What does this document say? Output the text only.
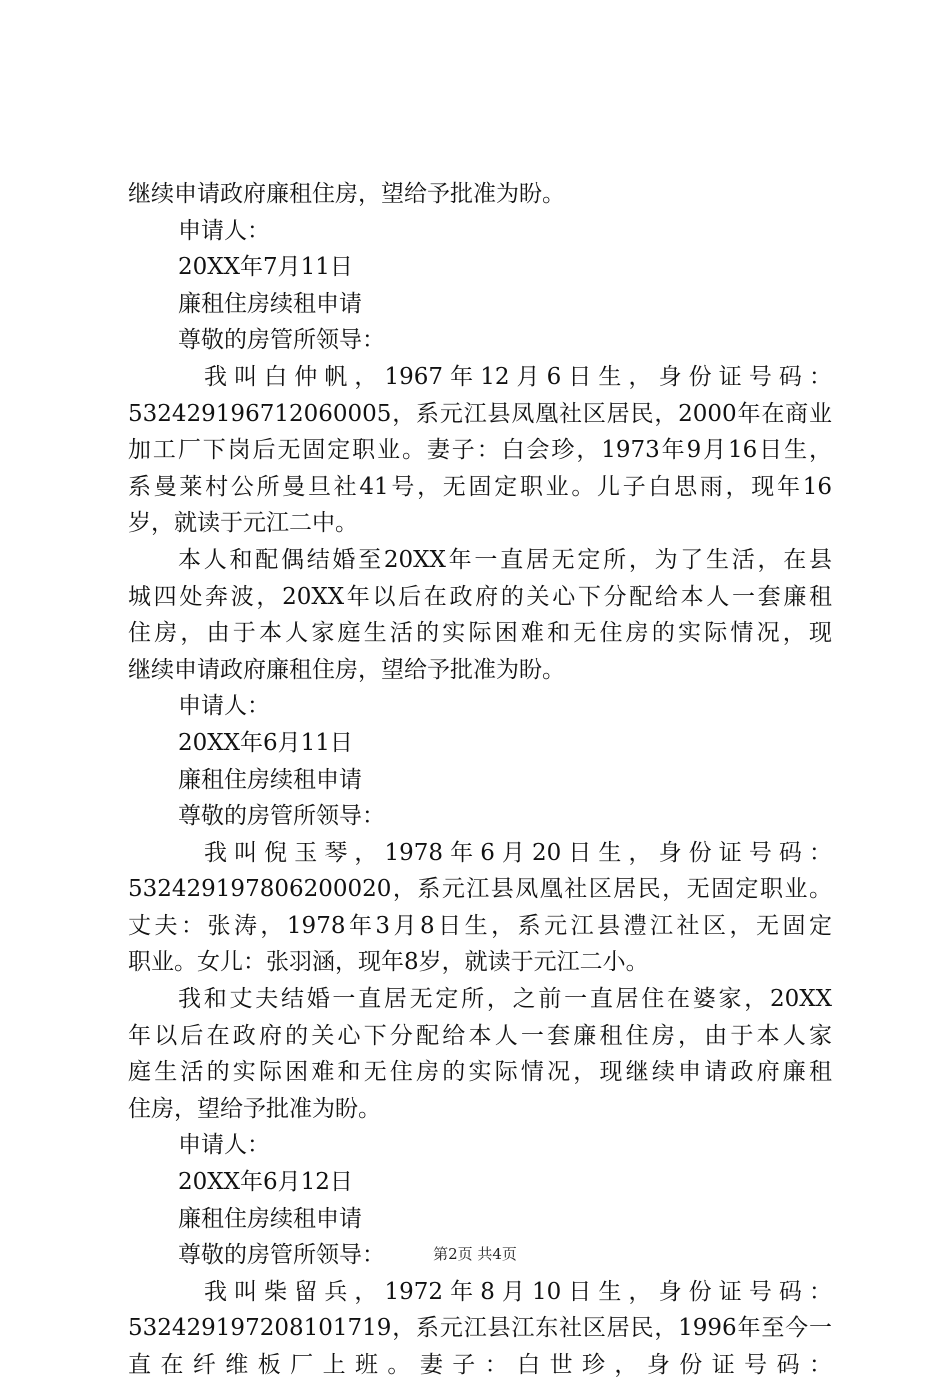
继续申请政府廉租住房，望给予批准为盼。
申请人：
20XX年7月11日
廉租住房续租申请
尊敬的房管所领导：
我叫白仲帆，1967年12月6日生，身份证号码：
532429196712060005，系元江县凤凰社区居民，2000年在商业
加工厂下岗后无固定职业。妻子：白会珍，1973年9月16日生，
系曼莱村公所曼旦社41号，无固定职业。儿子白思雨，现年16
岁，就读于元江二中。
本人和配偶结婚至20XX年一直居无定所，为了生活，在县
城四处奔波，20XX年以后在政府的关心下分配给本人一套廉租
住房，由于本人家庭生活的实际困难和无住房的实际情况，现
继续申请政府廉租住房，望给予批准为盼。
申请人：
20XX年6月11日
廉租住房续租申请
尊敬的房管所领导：
我叫倪玉琴，1978年6月20日生，身份证号码：
532429197806200020，系元江县凤凰社区居民，无固定职业。
丈夫：张涛，1978年3月8日生，系元江县澧江社区，无固定
职业。女儿：张羽涵，现年8岁，就读于元江二小。
我和丈夫结婚一直居无定所，之前一直居住在婆家，20XX
年以后在政府的关心下分配给本人一套廉租住房，由于本人家
庭生活的实际困难和无住房的实际情况，现继续申请政府廉租
住房，望给予批准为盼。
申请人：
20XX年6月12日
廉租住房续租申请
尊敬的房管所领导：
我叫柴留兵，1972年8月10日生，身份证号码：
532429197208101719，系元江县江东社区居民，1996年至今一
直在纤维板厂上班。妻子：白世珍，身份证号码：
第2页 共4页
